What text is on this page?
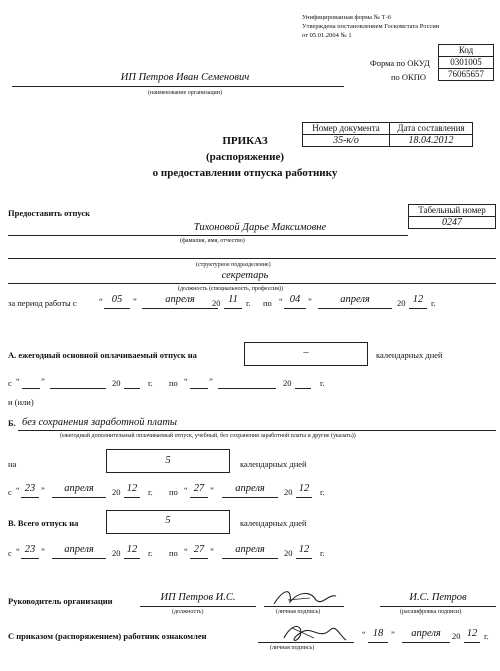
Унифицированная форма № Т-6
Утверждена постановлением Госкомстата России
от 05.01.2004 № 1
Код
0301005
76065657
Форма по ОКУД
по ОКПО
ИП Петров Иван Семенович
(наименование организации)
Номер документа	Дата составления
35-к/о	18.04.2012
ПРИКАЗ
(распоряжение)
о предоставлении отпуска работнику
Предоставить отпуск	Табельный номер
0247
Тихоновой Дарье Максимовне
(фамилия, имя, отчество)
(структурное подразделение)
секретарь
(должность (специальность, профессия))
за период работы с	“ 05	”	апреля	20 11 г. по “ 04 ”	апреля	20 12 г.
А. ежегодный основной оплачиваемый отпуск на	–	календарных дней
с “ ”	20	г. по “ ”	20	г.
и (или)
Б. без сохранения заработной платы
(ежегодный дополнительный оплачиваемый отпуск, учебный, без сохранения заработной платы и другие (указать))
на	5	календарных дней
с “ 23 ”	апреля	20 12	г. по “ 27 ”	апреля	20 12	г.
В. Всего отпуск на	5	календарных дней
с “ 23 ”	апреля	20 12	г. по “ 27 ”	апреля	20 12	г.
Руководитель организации	ИП Петров И.С.
(должность)	(личная подпись)
И.С. Петров
(расшифровка подписи)
С приказом (распоряжением) работник ознакомлен
(личная подпись)
“ 18 ”	апреля	20 12 г.
